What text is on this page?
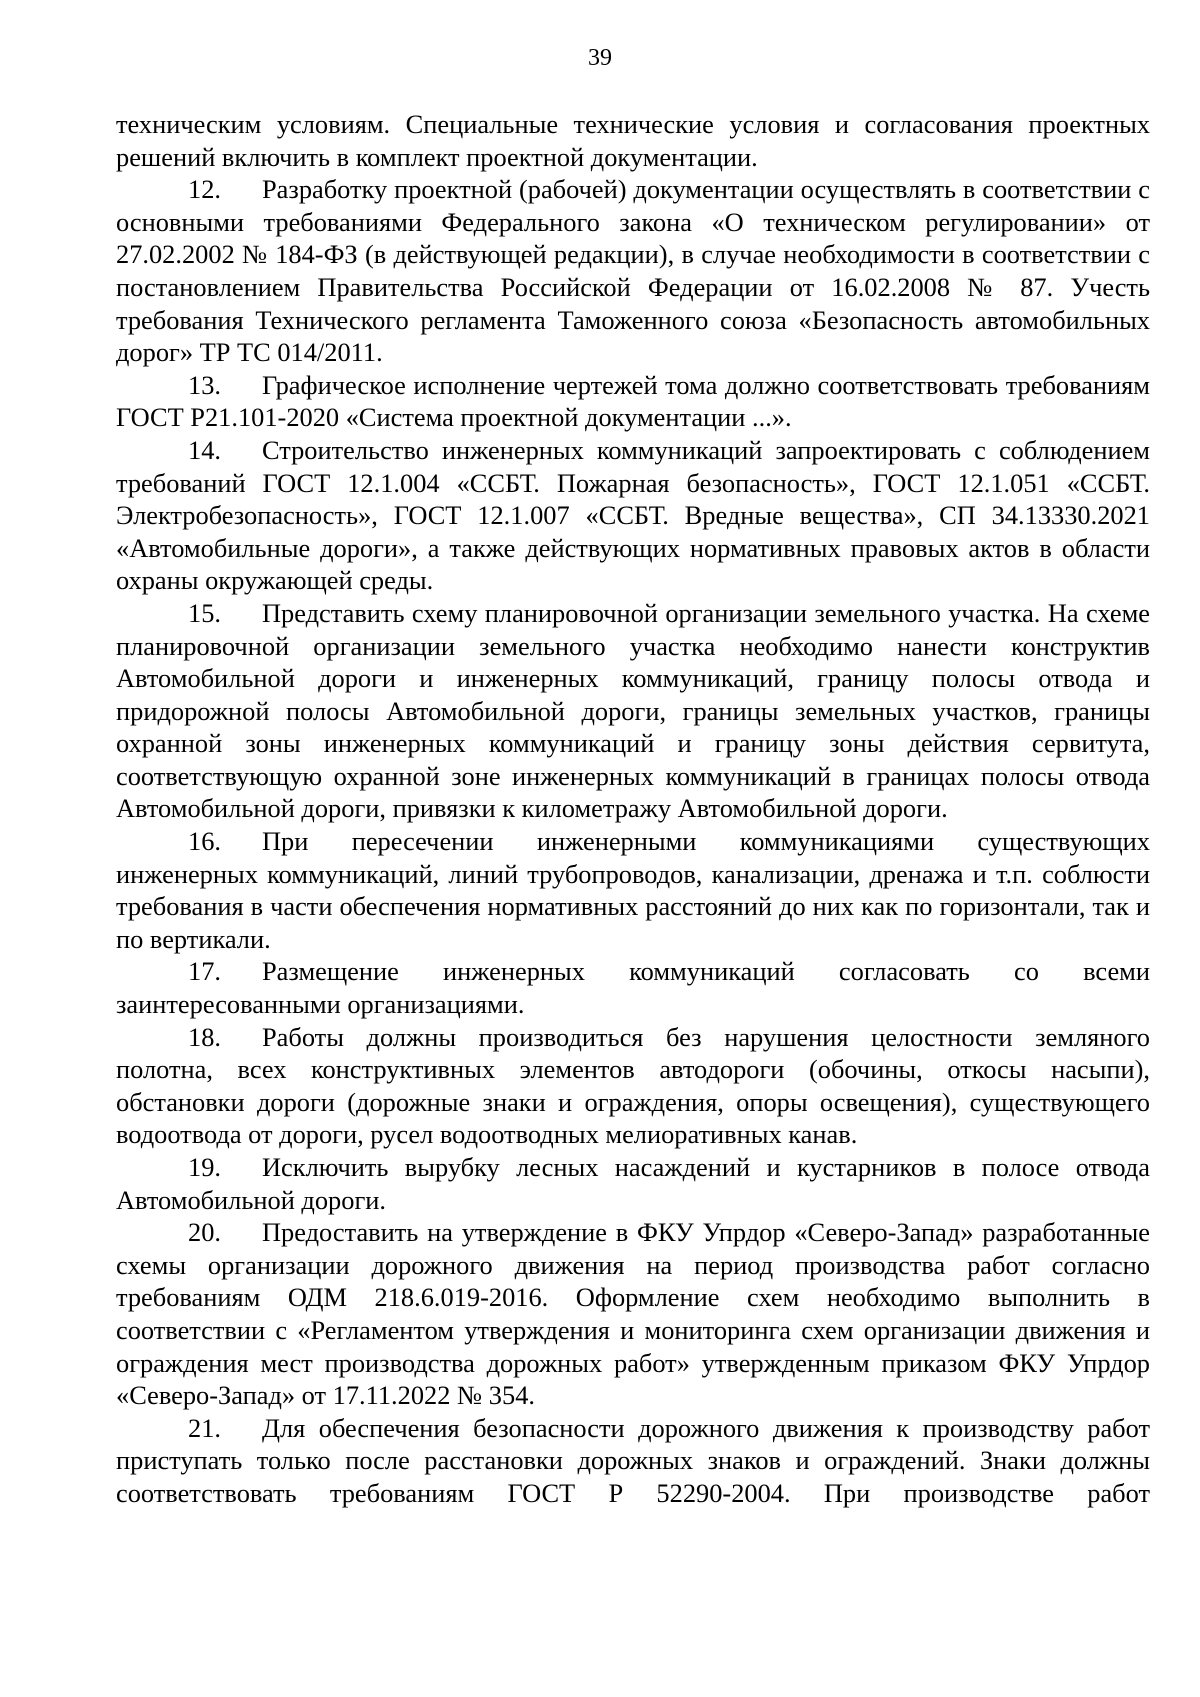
39

техническим условиям. Специальные технические условия и согласования проектных решений включить в комплект проектной документации.

12. Разработку проектной (рабочей) документации осуществлять в соответствии с основными требованиями Федерального закона «О техническом регулировании» от 27.02.2002 № 184-ФЗ (в действующей редакции), в случае необходимости в соответствии с постановлением Правительства Российской Федерации от 16.02.2008 № 87. Учесть требования Технического регламента Таможенного союза «Безопасность автомобильных дорог» ТР ТС 014/2011.

13. Графическое исполнение чертежей тома должно соответствовать требованиям ГОСТ Р21.101-2020 «Система проектной документации ...».

14. Строительство инженерных коммуникаций запроектировать с соблюдением требований ГОСТ 12.1.004 «ССБТ. Пожарная безопасность», ГОСТ 12.1.051 «ССБТ. Электробезопасность», ГОСТ 12.1.007 «ССБТ. Вредные вещества», СП 34.13330.2021 «Автомобильные дороги», а также действующих нормативных правовых актов в области охраны окружающей среды.

15. Представить схему планировочной организации земельного участка. На схеме планировочной организации земельного участка необходимо нанести конструктив Автомобильной дороги и инженерных коммуникаций, границу полосы отвода и придорожной полосы Автомобильной дороги, границы земельных участков, границы охранной зоны инженерных коммуникаций и границу зоны действия сервитута, соответствующую охранной зоне инженерных коммуникаций в границах полосы отвода Автомобильной дороги, привязки к километражу Автомобильной дороги.

16. При пересечении инженерными коммуникациями существующих инженерных коммуникаций, линий трубопроводов, канализации, дренажа и т.п. соблюсти требования в части обеспечения нормативных расстояний до них как по горизонтали, так и по вертикали.

17. Размещение инженерных коммуникаций согласовать со всеми заинтересованными организациями.

18. Работы должны производиться без нарушения целостности земляного полотна, всех конструктивных элементов автодороги (обочины, откосы насыпи), обстановки дороги (дорожные знаки и ограждения, опоры освещения), существующего водоотвода от дороги, русел водоотводных мелиоративных канав.

19. Исключить вырубку лесных насаждений и кустарников в полосе отвода Автомобильной дороги.

20. Предоставить на утверждение в ФКУ Упрдор «Северо-Запад» разработанные схемы организации дорожного движения на период производства работ согласно требованиям ОДМ 218.6.019-2016. Оформление схем необходимо выполнить в соответствии с «Регламентом утверждения и мониторинга схем организации движения и ограждения мест производства дорожных работ» утвержденным приказом ФКУ Упрдор «Северо-Запад» от 17.11.2022 № 354.

21. Для обеспечения безопасности дорожного движения к производству работ приступать только после расстановки дорожных знаков и ограждений. Знаки должны соответствовать требованиям ГОСТ Р 52290-2004. При производстве работ
